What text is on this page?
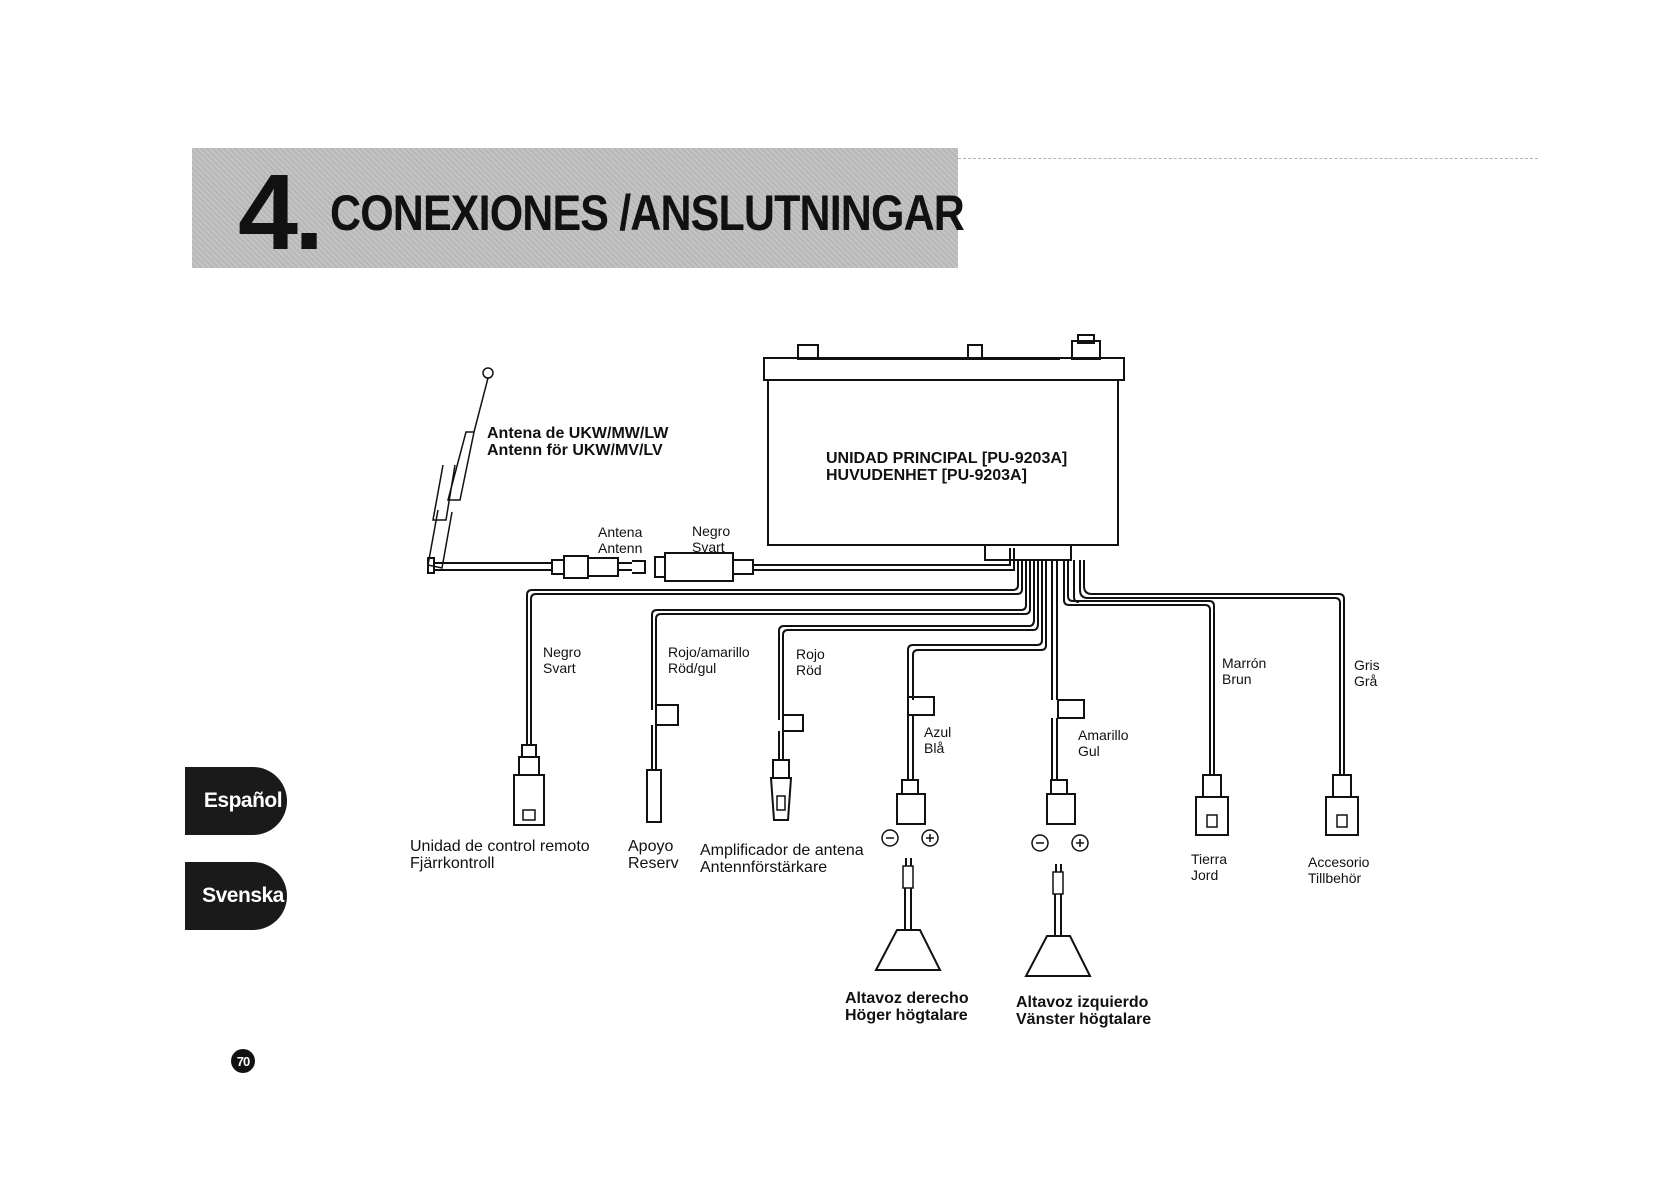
4. CONEXIONES /ANSLUTNINGAR
Español
Svenska
70
UNIDAD PRINCIPAL [PU-9203A]
HUVUDENHET [PU-9203A]
Antena de UKW/MW/LW
Antenn för UKW/MV/LV
Antena
Antenn
Negro
Svart
Negro
Svart
Rojo/amarillo
Röd/gul
Rojo
Röd
Azul
Blå
Amarillo
Gul
Marrón
Brun
Gris
Grå
Unidad de control remoto
Fjärrkontroll
Apoyo
Reserv
Amplificador de antena
Antennförstärkare	Tierra
Jord
Accesorio
Tillbehör
Altavoz derecho
Höger högtalare
Altavoz izquierdo
Vänster högtalare
